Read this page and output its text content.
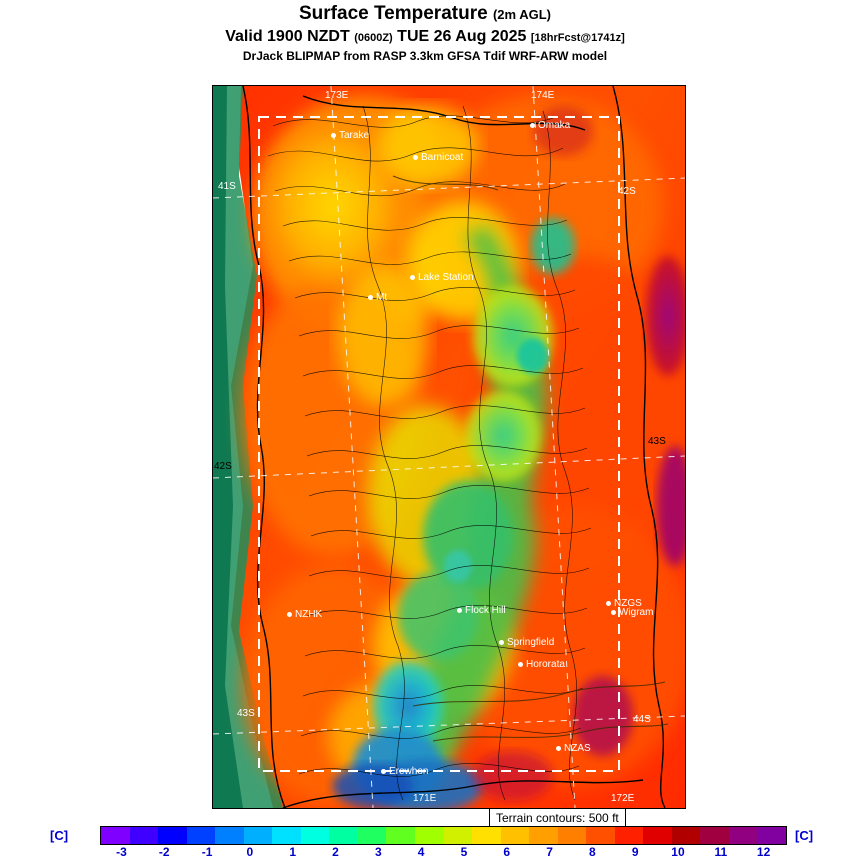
Surface Temperature (2m AGL)
Valid 1900 NZDT (0600Z) TUE 26 Aug 2025 [18hrFcst@1741z]
DrJack BLIPMAP from RASP 3.3km GFSA Tdif WRF-ARW model
173E	174E
171E	172E
41S	42S
42S
43S
43S
44S
Tarake
Omaka
Barnicoat
Lake Station
Mt
NZHK	Flock Hill
NZGS
Wigram
Springfield
Hororata
NZAS
Erewhon
Terrain contours: 500 ft
[C]	[C]
-3	-2	-1	0	1	2	3	4	5	6	7	8	9	10 11 12
